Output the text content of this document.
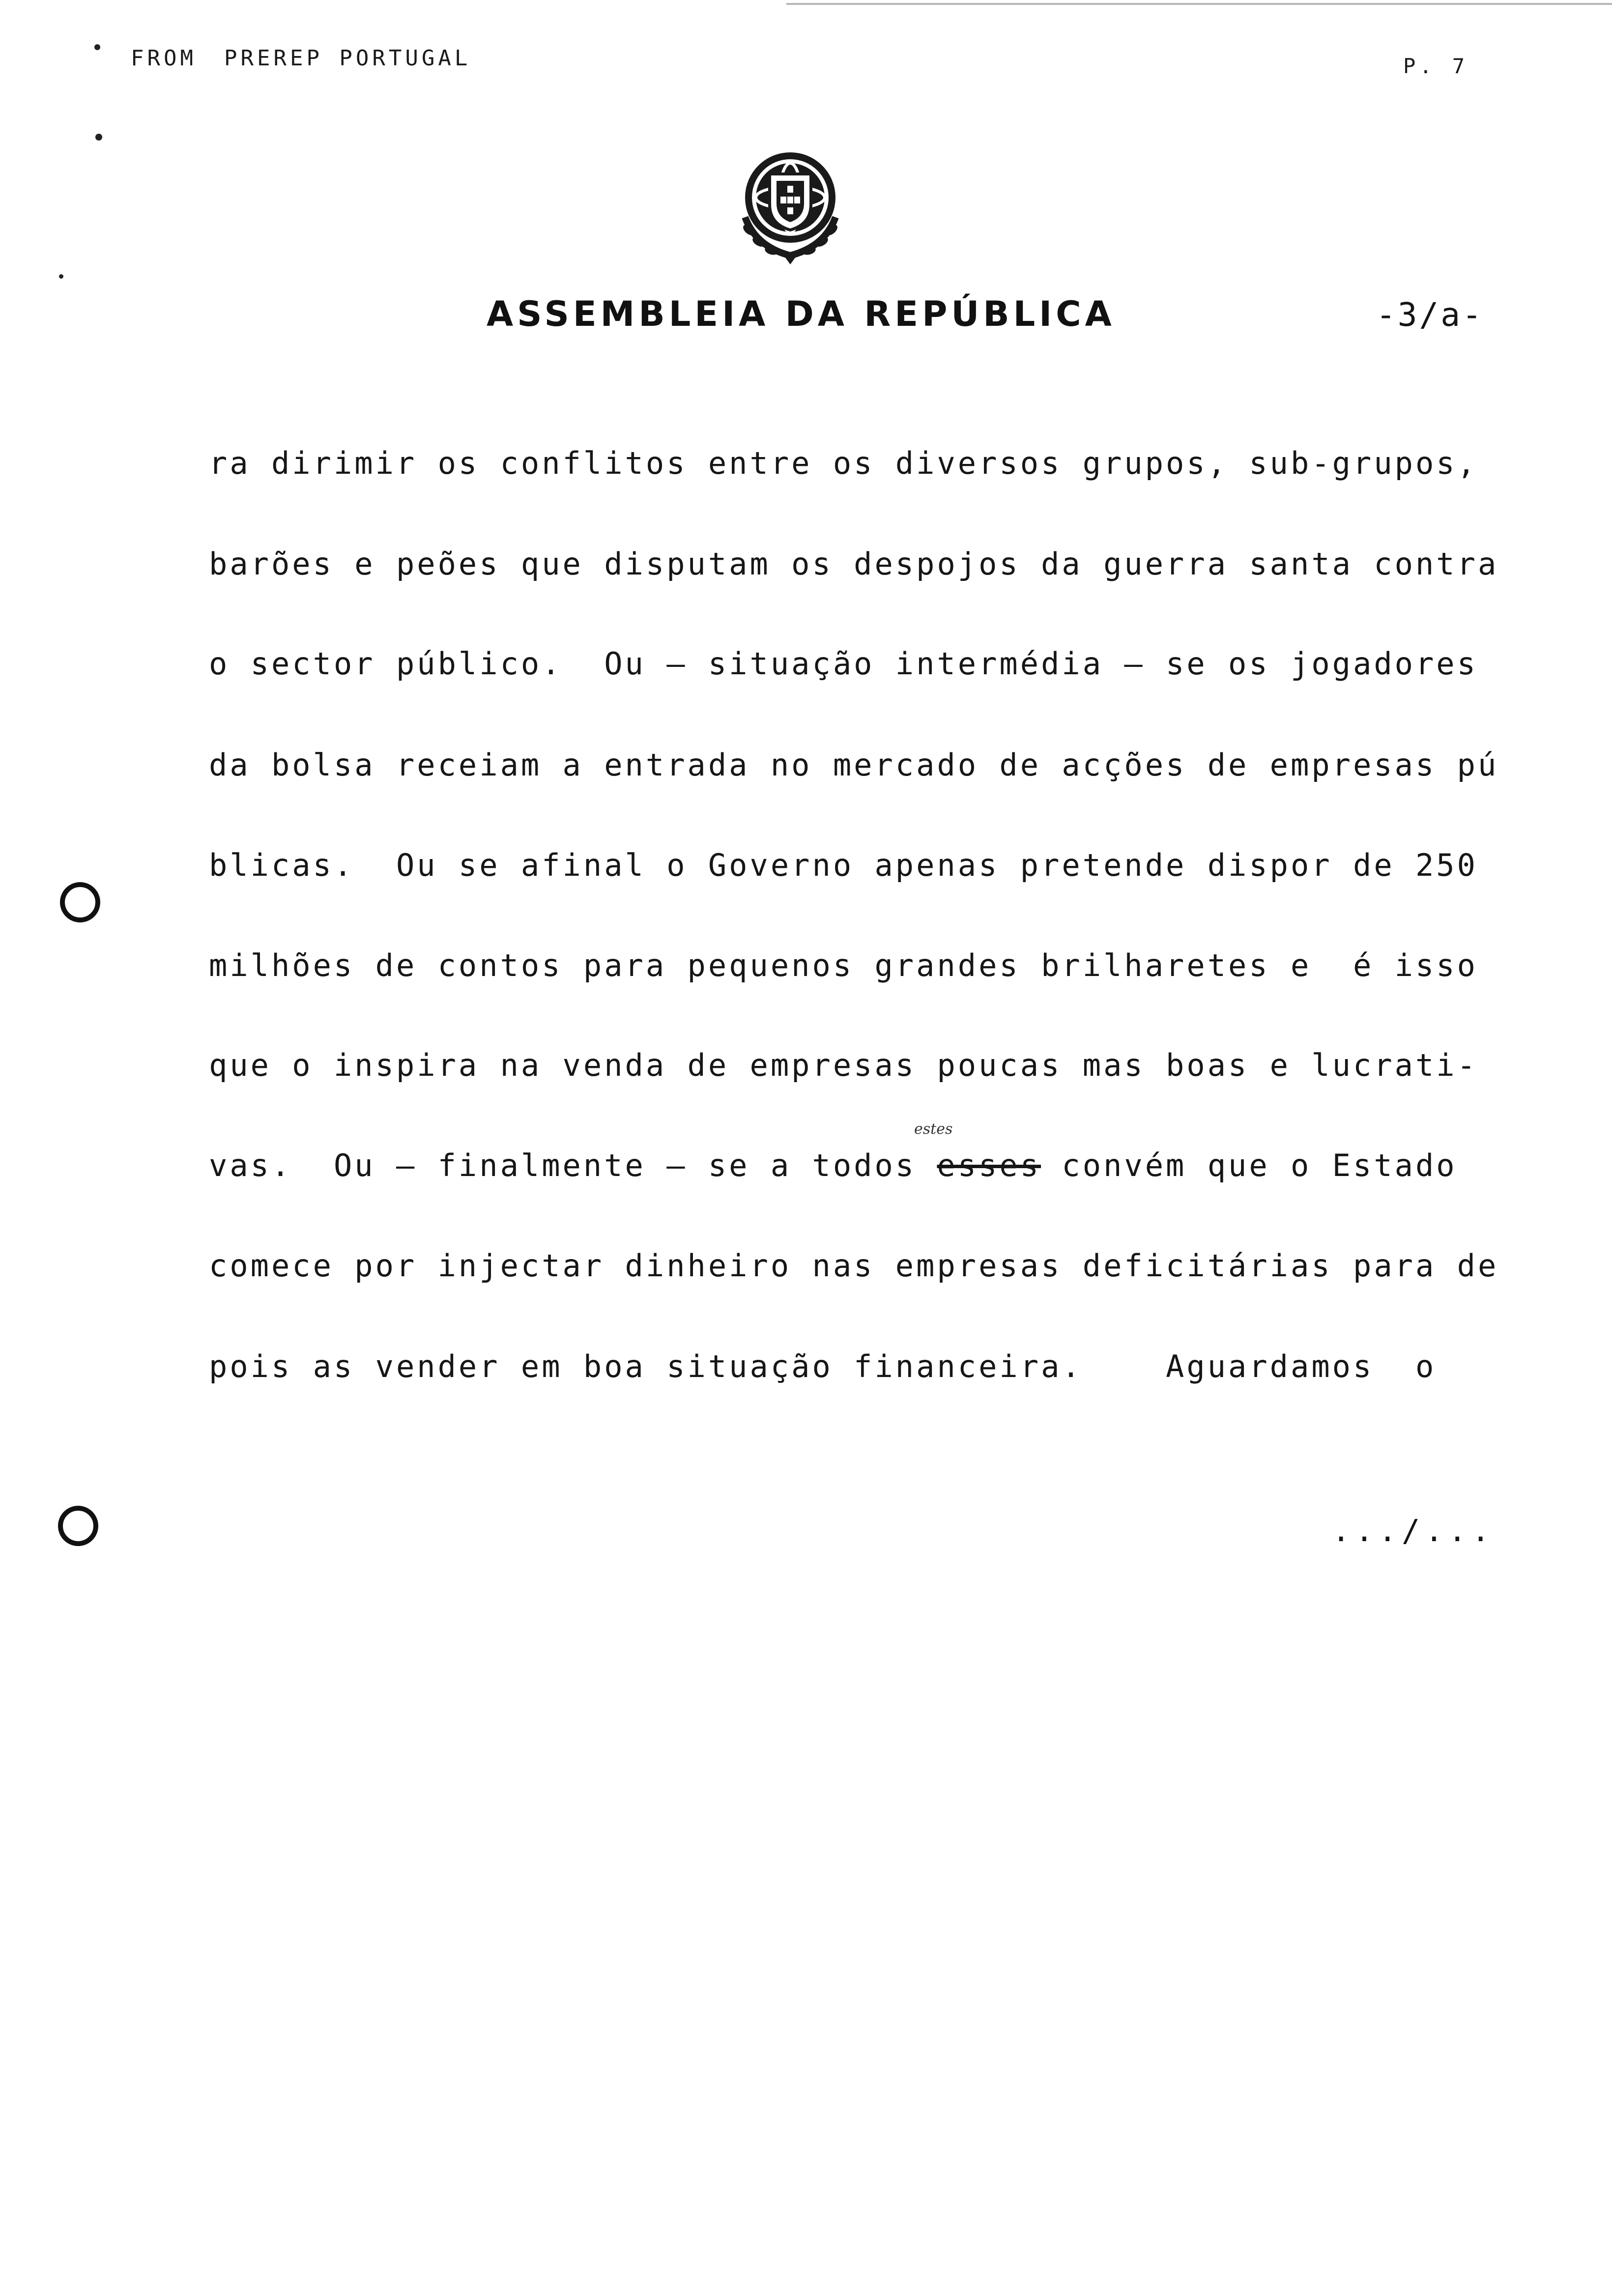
FROM

PREREP PORTUGAL	P. 7
ASSEMBLEIA DA REPÚBLICA	-3/a-
ra dirimir os conflitos entre os diversos grupos, sub-grupos,
barões e peões que disputam os despojos da guerra santa contra
o sector público.  Ou – situação intermédia – se os jogadores
da bolsa receiam a entrada no mercado de acções de empresas pú
blicas.  Ou se afinal o Governo apenas pretende dispor de 250
milhões de contos para pequenos grandes brilharetes e  é isso
que o inspira na venda de empresas poucas mas boas e lucrati-
vas.  Ou – finalmente – se a todos esses convém que o Estado
estes
comece por injectar dinheiro nas empresas deficitárias para de
pois as vender em boa situação financeira.    Aguardamos  o
.../...
